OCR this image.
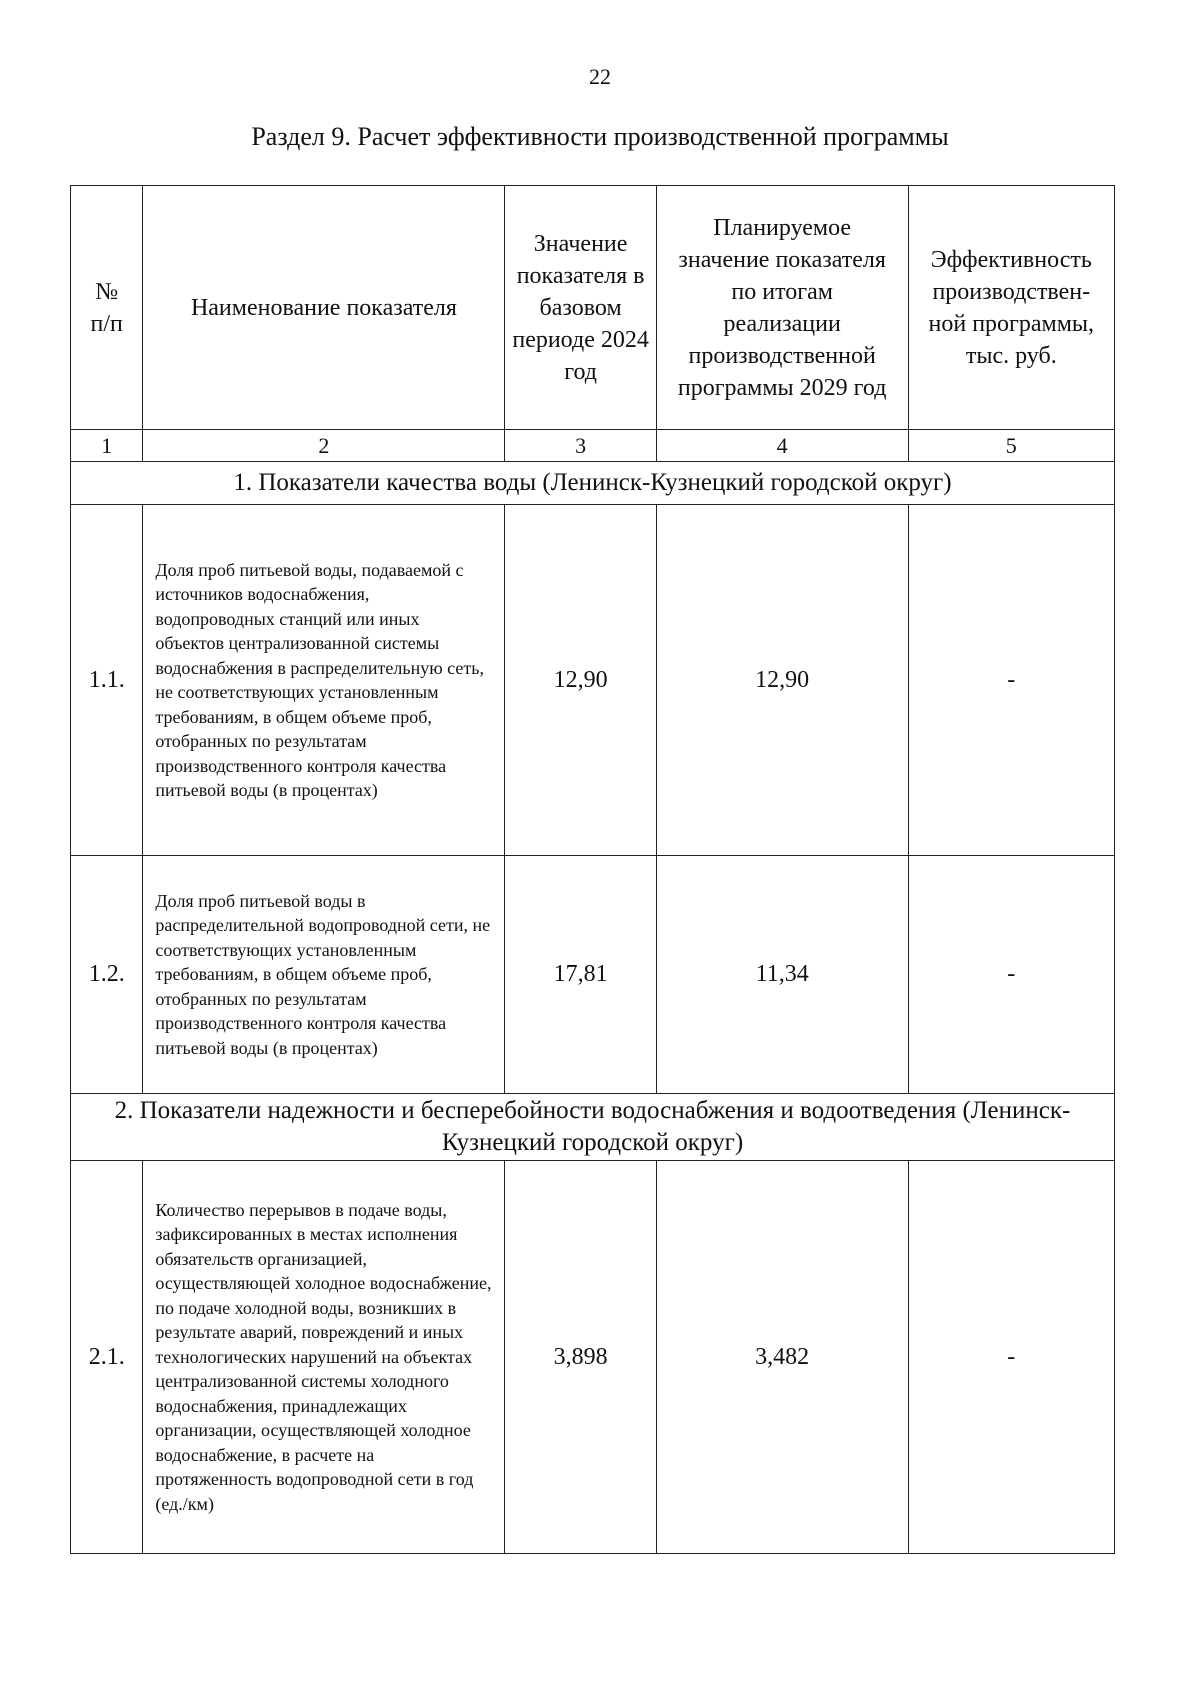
22
Раздел 9. Расчет эффективности производственной программы
№ п/п	Наименование показателя	Значение показателя в базовом периоде 2024 год	Планируемое значение показателя по итогам реализации производственной программы 2029 год	Эффективность производствен-ной программы, тыс. руб.

1	2	3	4	5
1. Показатели качества воды (Ленинск-Кузнецкий городской округ)				
1.1.	Доля проб питьевой воды, подаваемой с источников водоснабжения, водопроводных станций или иных объектов централизованной системы водоснабжения в распределительную сеть, не соответствующих установленным требованиям, в общем объеме проб, отобранных по результатам производственного контроля качества питьевой воды (в процентах)	12,90	12,90	-
1.2.	Доля проб питьевой воды в распределительной водопроводной сети, не соответствующих установленным требованиям, в общем объеме проб, отобранных по результатам производственного контроля качества питьевой воды (в процентах)	17,81	11,34	-

2. Показатели надежности и бесперебойности водоснабжения и водоотведения (Ленинск-Кузнецкий городской округ)				

2.1.	Количество перерывов в подаче воды, зафиксированных в местах исполнения обязательств организацией, осуществляющей холодное водоснабжение, по подаче холодной воды, возникших в результате аварий, повреждений и иных технологических нарушений на объектах централизованной системы холодного водоснабжения, принадлежащих организации, осуществляющей холодное водоснабжение, в расчете на протяженность водопроводной сети в год (ед./км)	3,898	3,482	-
